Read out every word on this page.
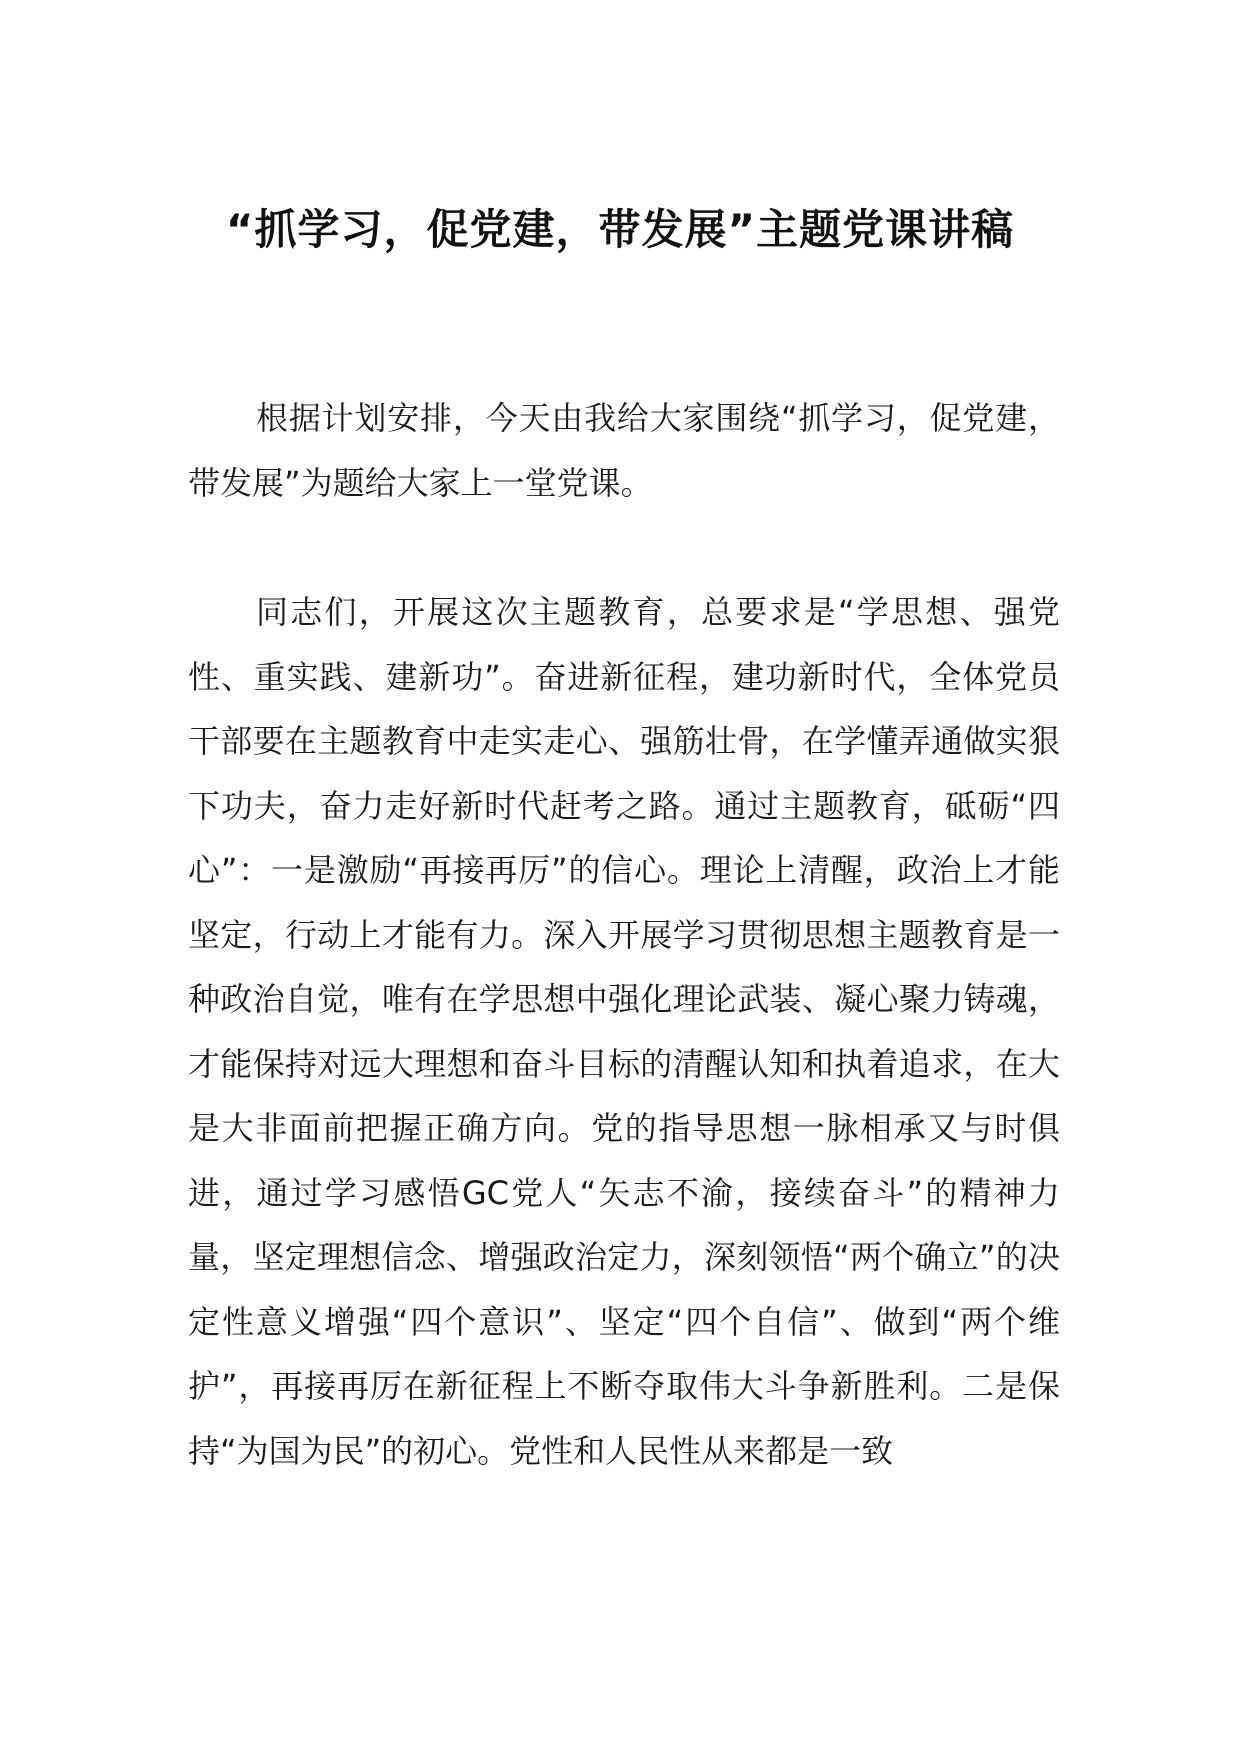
“抓学习，促党建，带发展”主题党课讲稿

根据计划安排，今天由我给大家围绕“抓学习，促党建，带发展”为题给大家上一堂党课。

同志们，开展这次主题教育，总要求是“学思想、强党性、重实践、建新功”。奋进新征程，建功新时代，全体党员干部要在主题教育中走实走心、强筋壮骨，在学懂弄通做实狠下功夫，奋力走好新时代赶考之路。通过主题教育，砥砺“四心”：一是激励“再接再厉”的信心。理论上清醒，政治上才能坚定，行动上才能有力。深入开展学习贯彻思想主题教育是一种政治自觉，唯有在学思想中强化理论武装、凝心聚力铸魂，才能保持对远大理想和奋斗目标的清醒认知和执着追求，在大是大非面前把握正确方向。党的指导思想一脉相承又与时俱进，通过学习感悟GC党人“矢志不渝，接续奋斗”的精神力量，坚定理想信念、增强政治定力，深刻领悟“两个确立”的决定性意义增强“四个意识”、坚定“四个自信”、做到“两个维护”，再接再厉在新征程上不断夺取伟大斗争新胜利。二是保持“为国为民”的初心。党性和人民性从来都是一致
